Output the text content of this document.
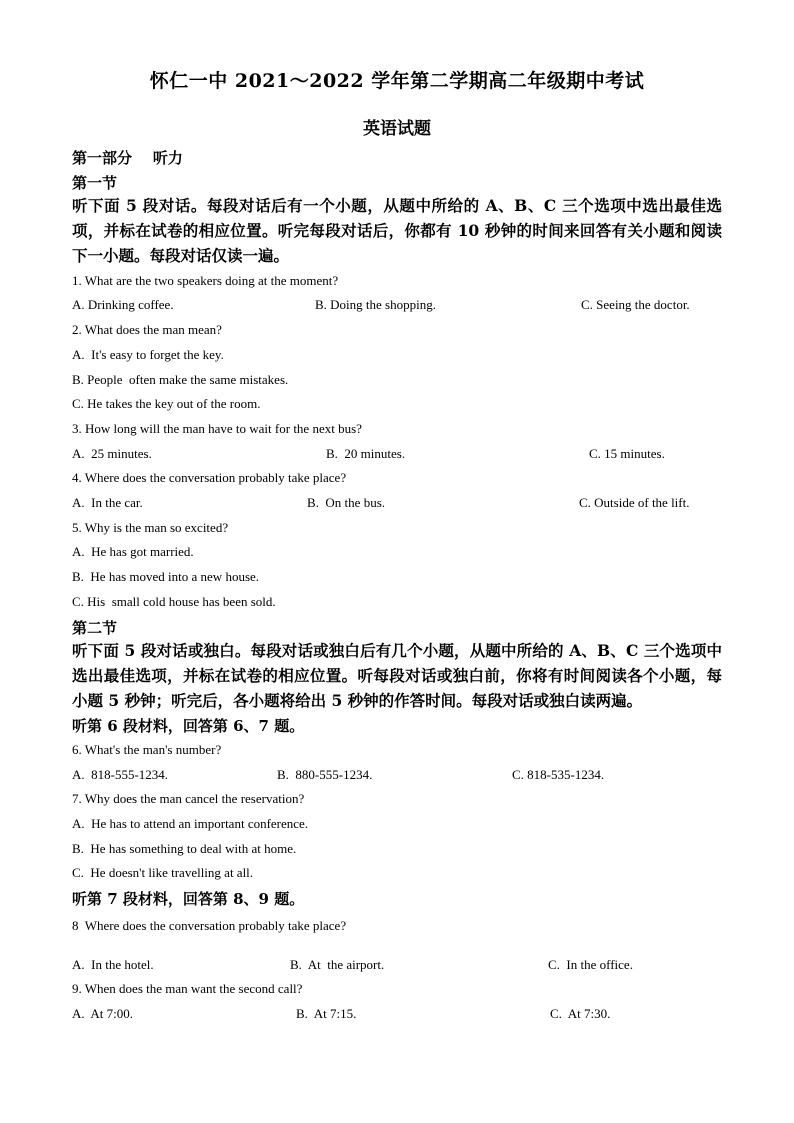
怀仁一中 2021～2022 学年第二学期高二年级期中考试
英语试题
第一部分    听力
第一节
听下面 5 段对话。每段对话后有一个小题，从题中所给的 A、B、C 三个选项中选出最佳选项，并标在试卷的相应位置。听完每段对话后，你都有 10 秒钟的时间来回答有关小题和阅读下一小题。每段对话仅读一遍。
1. What are the two speakers doing at the moment?
A. Drinking coffee.	B. Doing the shopping.	C. Seeing the doctor.
2. What does the man mean?
A.  It's easy to forget the key.
B. People  often make the same mistakes.
C. He takes the key out of the room.
3. How long will the man have to wait for the next bus?
A.  25 minutes.	B.  20 minutes.	C. 15 minutes.
4. Where does the conversation probably take place?
A.  In the car.	B.  On the bus.	C. Outside of the lift.
5. Why is the man so excited?
A.  He has got married.
B.  He has moved into a new house.
C. His  small cold house has been sold.
第二节
听下面 5 段对话或独白。每段对话或独白后有几个小题，从题中所给的 A、B、C 三个选项中选出最佳选项，并标在试卷的相应位置。听每段对话或独白前，你将有时间阅读各个小题，每小题 5 秒钟；听完后，各小题将给出 5 秒钟的作答时间。每段对话或独白读两遍。
听第 6 段材料，回答第 6、7 题。
6. What's the man's number?
A.  818-555-1234.	B.  880-555-1234.	C. 818-535-1234.
7. Why does the man cancel the reservation?
A.  He has to attend an important conference.
B.  He has something to deal with at home.
C.  He doesn't like travelling at all.
听第 7 段材料，回答第 8、9 题。
8  Where does the conversation probably take place?
A.  In the hotel.	B.  At  the airport.	C.  In the office.
9. When does the man want the second call?
A.  At 7:00.	B.  At 7:15.	C.  At 7:30.
